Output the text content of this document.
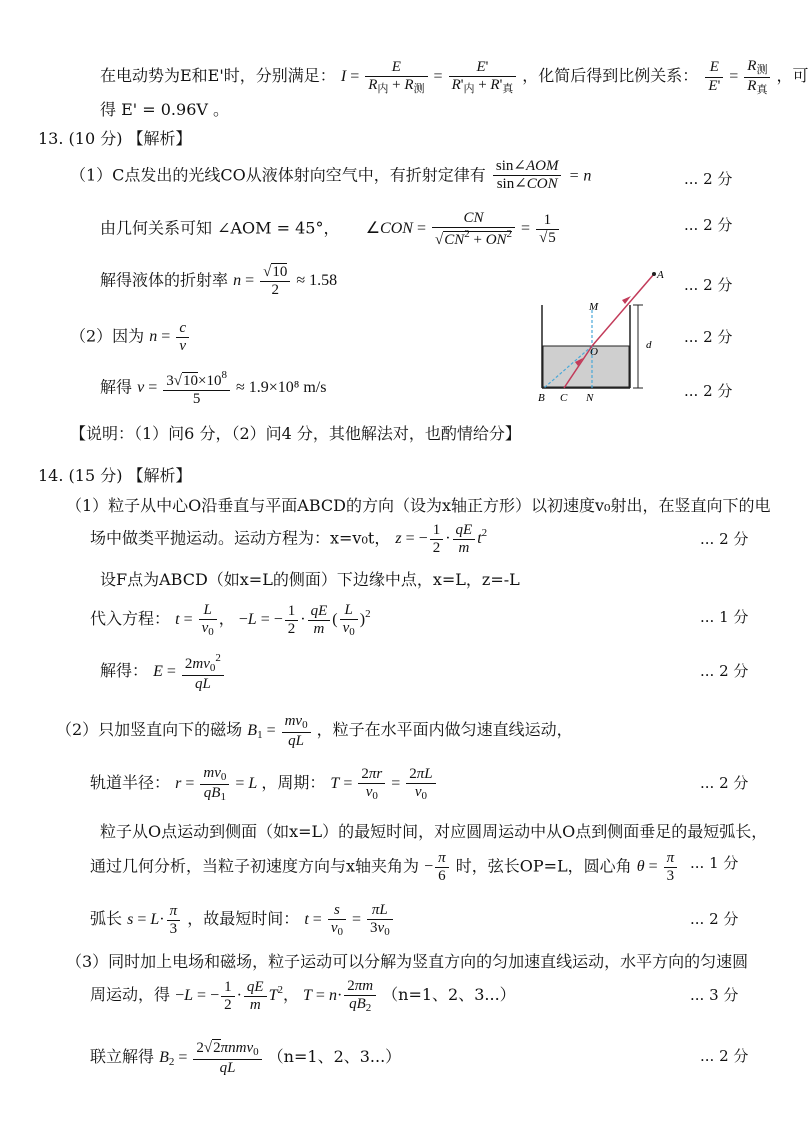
在电动势为E和E'时，分别满足： $I = \frac{E}{R_内 + R_测} = \frac{E'}{R'_内 + R'_真}$ ，化简后得到比例关系： $\frac{E}{E'} = \frac{R_测}{R_真}$ ，可
得 E' = 0.96V 。
13. (10 分) 【解析】
（1）C点发出的光线CO从液体射向空气中，有折射定律有 $\frac{\text{sin∠AOM}}{\text{sin∠CON}} = n$	... 2 分
由几何关系可知 ∠AOM = 45°，  ∠CON = $\frac{CN}{√CN^2 + ON^2} = \frac{1}{√5}$	... 2 分
解得液体的折射率 $n = \frac{√10}{2} \approx 1.58$	... 2 分
（2）因为 $n = \frac{c}{v}$	... 2 分
解得 $v = \frac{3√10\times 10^8}{5} \approx 1.9\times 10^8$ m/s	... 2 分
d
M
A
O
B C N
【说明：（1）问6 分，（2）问4 分，其他解法对，也酌情给分】
14. (15 分) 【解析】
（1）粒子从中心O沿垂直与平面ABCD的方向（设为x轴正方形）以初速度v₀射出，在竖直向下的电
场中做类平抛运动。运动方程为：x=v₀t， z = − $\frac{1}{2} \cdot \frac{qE}{m} t^2$	... 2 分
设F点为ABCD（如x=L的侧面）下边缘中点，x=L，z=-L
代入方程： $t = \frac{L}{v_0}$ ， −L = − $\frac{1}{2} \cdot \frac{qE}{m}$ ( $\frac{L}{v_0} )^2$	... 1 分
解得： $E = \frac{2mv_0^2}{qL}$	... 2 分
（2）只加竖直向下的磁场 $B_1 = \frac{mv_0}{qL}$ ，粒子在水平面内做匀速直线运动，
轨道半径： $r = \frac{mv_0}{qB_1} = L$ ，周期： $T = \frac{2\pi r}{v_0} = \frac{2\pi L}{v_0}$	... 2 分
粒子从O点运动到侧面（如x=L）的最短时间，对应圆周运动中从O点到侧面垂足的最短弧长，
通过几何分析，当粒子初速度方向与x轴夹角为 − $\frac{\pi}{6}$ 时，弦长OP=L，圆心角 $\theta = \frac{\pi}{3}$ ... 1 分
弧长 $s = L\cdot \frac{\pi}{3}$ ，故最短时间： $t = \frac{s}{v_0} = \frac{\pi L}{3v_0}$	... 2 分
（3）同时加上电场和磁场，粒子运动可以分解为竖直方向的匀加速直线运动，水平方向的匀速圆
周运动，得 −L = − $\frac{1}{2} \cdot \frac{qE}{m} T^2$， $T = n\cdot \frac{2\pi m}{qB_2} (n=1$、2、3...）	... 3 分
联立解得 $B_2 = \frac{2√2\pi nmv_0}{qL} (n=1$、2、3...）	... 2 分
